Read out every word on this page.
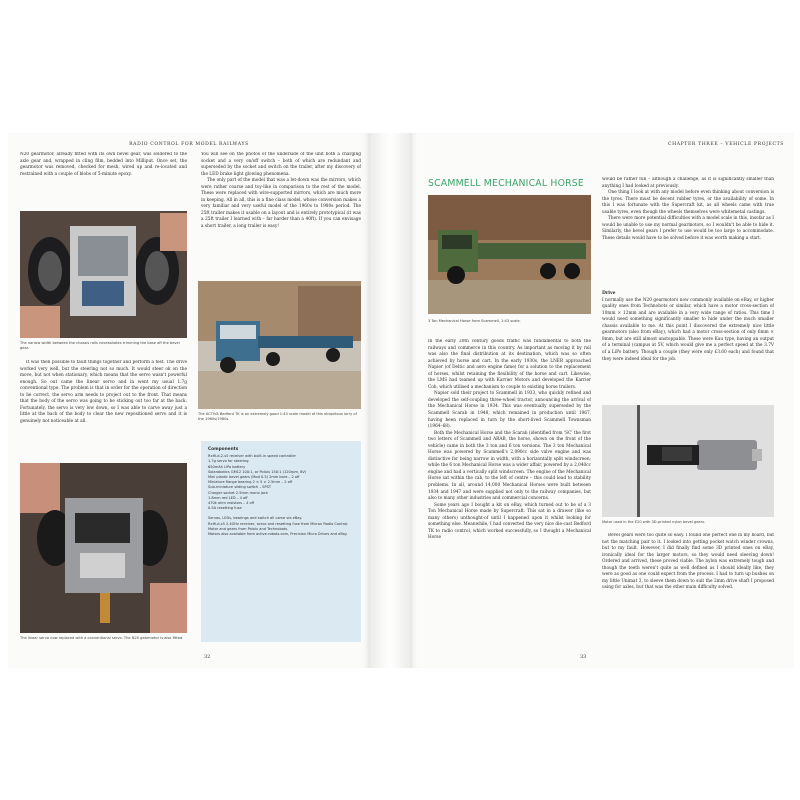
RADIO CONTROL FOR MODEL RAILWAYS

N20 gearmotor, already fitted with its own bevel gear, was soldered to the axle gear and, wrapped in cling film, bedded into Milliput. Once set, the gearmotor was removed, checked for mesh, wired up and re-located and restrained with a couple of blobs of 5-minute epoxy.

The narrow width between the chassis rails necessitates trimming the base off the bevel gear.

It was then possible to fault things together and perform a test. The drive worked very well, but the steering not so much. It would steer ok on the move, but not when stationary, which means that the servo wasn't powerful enough. So out came the linear servo and in went my usual 1.7g conventional type. The problem is that in order for the operation of direction to be correct, the servo arm needs to project out to the front. That means that the body of the servo was going to be sticking out too far at the back. Fortunately, the servo is very low down, so I was able to carve away just a little at the back of the body to clear the new repositioned servo and it is genuinely not noticeable at all.

The linear servo now replaced with a conventional servo. The N20 gearmotor is also fitted.

You will see on the photos of the underside of the unit both a charging socket and a very on/off switch – both of which are redundant and superseded by the socket and switch on the trailer, after my discovery of the LED brake light glowing phenomena.

The only part of the model that was a let-down was the mirrors, which were rather coarse and toy-like in comparison to the rest of the model. These were replaced with wire-supported mirrors, which are much more in keeping. All in all, this is a fine class model, whose conversion makes a very familiar and very useful model of the 1960s to 1980s period. The 25ft trailer makes it usable on a layout and is entirely prototypical (it was a 25ft trailer I learned with – far harder than a 40ft). If you can envisage a short trailer, a long trailer is easy!

The ACTIVA Bedford TK is an extremely good 1:43 scale model of this ubiquitous lorry of the 1960s/1980s.
Components
RxHLd-2-s5 receiver with built-in speed controller
1.7g servo for steering
650mAh LiPo battery
Solarobotics GM12 100:1, or Pololu 150:1 (120rpm, 6V)
Mini plastic bevel gears (Mod 0.5) 2mm bore – 2 off
Miniature flange bearing 2 × 5 × 2.5mm – 2 off
Sub-miniature sliding switch – SPST
Charger socket 2.5mm mono jack
1.8mm red LED – 4 off
470k ohm resistors – 4 off
0.5A resetting fuse
Servos, LEDs, bearings and switch all came via eBay.
RxHLd-s5 2.4GHz receiver, servo and resetting fuse from Micron Radio Control.
Motor and gears from Pololu and Technobots.
Motors also available from active-robots.com, Precision Micro Drives and eBay.
32
CHAPTER THREE – VEHICLE PROJECTS
SCAMMELL MECHANICAL HORSE
3 Ton Mechanical Horse from Scammell, 1:43 scale.

In the early 20th century goods traffic was fundamental to both the railways and commerce in this country. As important as moving it by rail was also the final distribution at its destination, which was so often achieved by horse and cart. In the early 1930s, the LNER approached Napier (of Deltic and aero engine fame) for a solution to the replacement of horses, whilst retaining the flexibility of the horse and cart. Likewise, the LMS had teamed up with Karrier Motors and developed the Karrier Cob, which utilised a mechanism to couple to existing horse trailers.

Napier sold their project to Scammell in 1933, who quickly refined and developed the self-coupling three-wheel tractor, announcing the arrival of the Mechanical Horse in 1934. This was eventually superseded by the Scammell Scarab in 1948, which remained in production until 1967, having been replaced in turn by the short-lived Scammell Townsman (1964–68).

Both the Mechanical Horse and the Scarab (identified from 'SC' the first two letters of Scammell and ARAB, the horse, shown on the front of the vehicle) came in both the 3 ton and 6 ton versions. The 3 ton Mechanical Horse was powered by Scammell's 2,090cc side valve engine and was distinctive for being narrow in width, with a horizontally split windscreen; while the 6 ton Mechanical Horse was a wider affair, powered by a 2,040cc engine and had a vertically split windscreen. The engine of the Mechanical Horse sat within the cab, to the left of centre – this could lead to stability problems. In all, around 14,000 Mechanical Horses were built between 1934 and 1947 and were supplied not only to the railway companies, but also to many other industries and commercial concerns.

Some years ago I bought a kit on eBay, which turned out to be of a 3 Ton Mechanical Horse made by Supercraft. This sat in a drawer (like so many others) unthought-of until I happened upon it whilst looking for something else. Meanwhile, I had converted the very nice die-cast Bedford TK to radio control, which worked successfully, so I thought a Mechanical Horse

would be rather fun – although a challenge, as it is significantly smaller than anything I had looked at previously.

One thing I look at with any model before even thinking about conversion is the tyres. There must be decent rubber tyres, or the availability of some. In this I was fortunate with the Supercraft kit, as all wheels came with true usable tyres, even though the wheels themselves were whitemetal castings.

There were more potential difficulties with a model scale in this, insofar as I would be unable to use my normal gearmotors, so I wouldn't be able to hide it. Similarly, the bevel gears I prefer to use would be too large to accommodate. These details would have to be solved before it was worth making a start.

Drive

I normally use the N20 gearmotors now commonly available on eBay, or higher quality ones from Technobots or similar, which have a motor cross-section of 10mm × 12mm and are available in a very wide range of ratios. This time I would need something significantly smaller to hide under the much smaller chassis available to me. At this point I discovered the extremely nice little gearmotors (also from eBay), which had a motor cross-section of only 6mm × 8mm, but are still almost unstoppable. These were Kau type, having an output of a terminal (campus at 5V, which would give me a perfect speed at the 3.7V of a LiPo battery. Though a couple (they were only £3.60 each) and found that they were indeed ideal for the job.

Motor used in the E20 with 3D-printed nylon bevel gears.

Bevel gears were too quite so easy. I found one perfect one in my hoard, but not the matching pair to it. I looked into getting pocket watch winder crowns, but to my fault. However, I did finally find some 3D printed ones on eBay, ironically ideal for the larger motors, so they would need sleeving down! Ordered and arrived, these proved viable. The nylon was extremely tough and though the teeth weren't quite as well defined as I should ideally like, they were as good as one could expect from the process. I had to turn up bushes on my little Unimat 3, to sleeve them down to suit the 2mm drive shaft I proposed using for axles, but that was the other main difficulty solved.

33
